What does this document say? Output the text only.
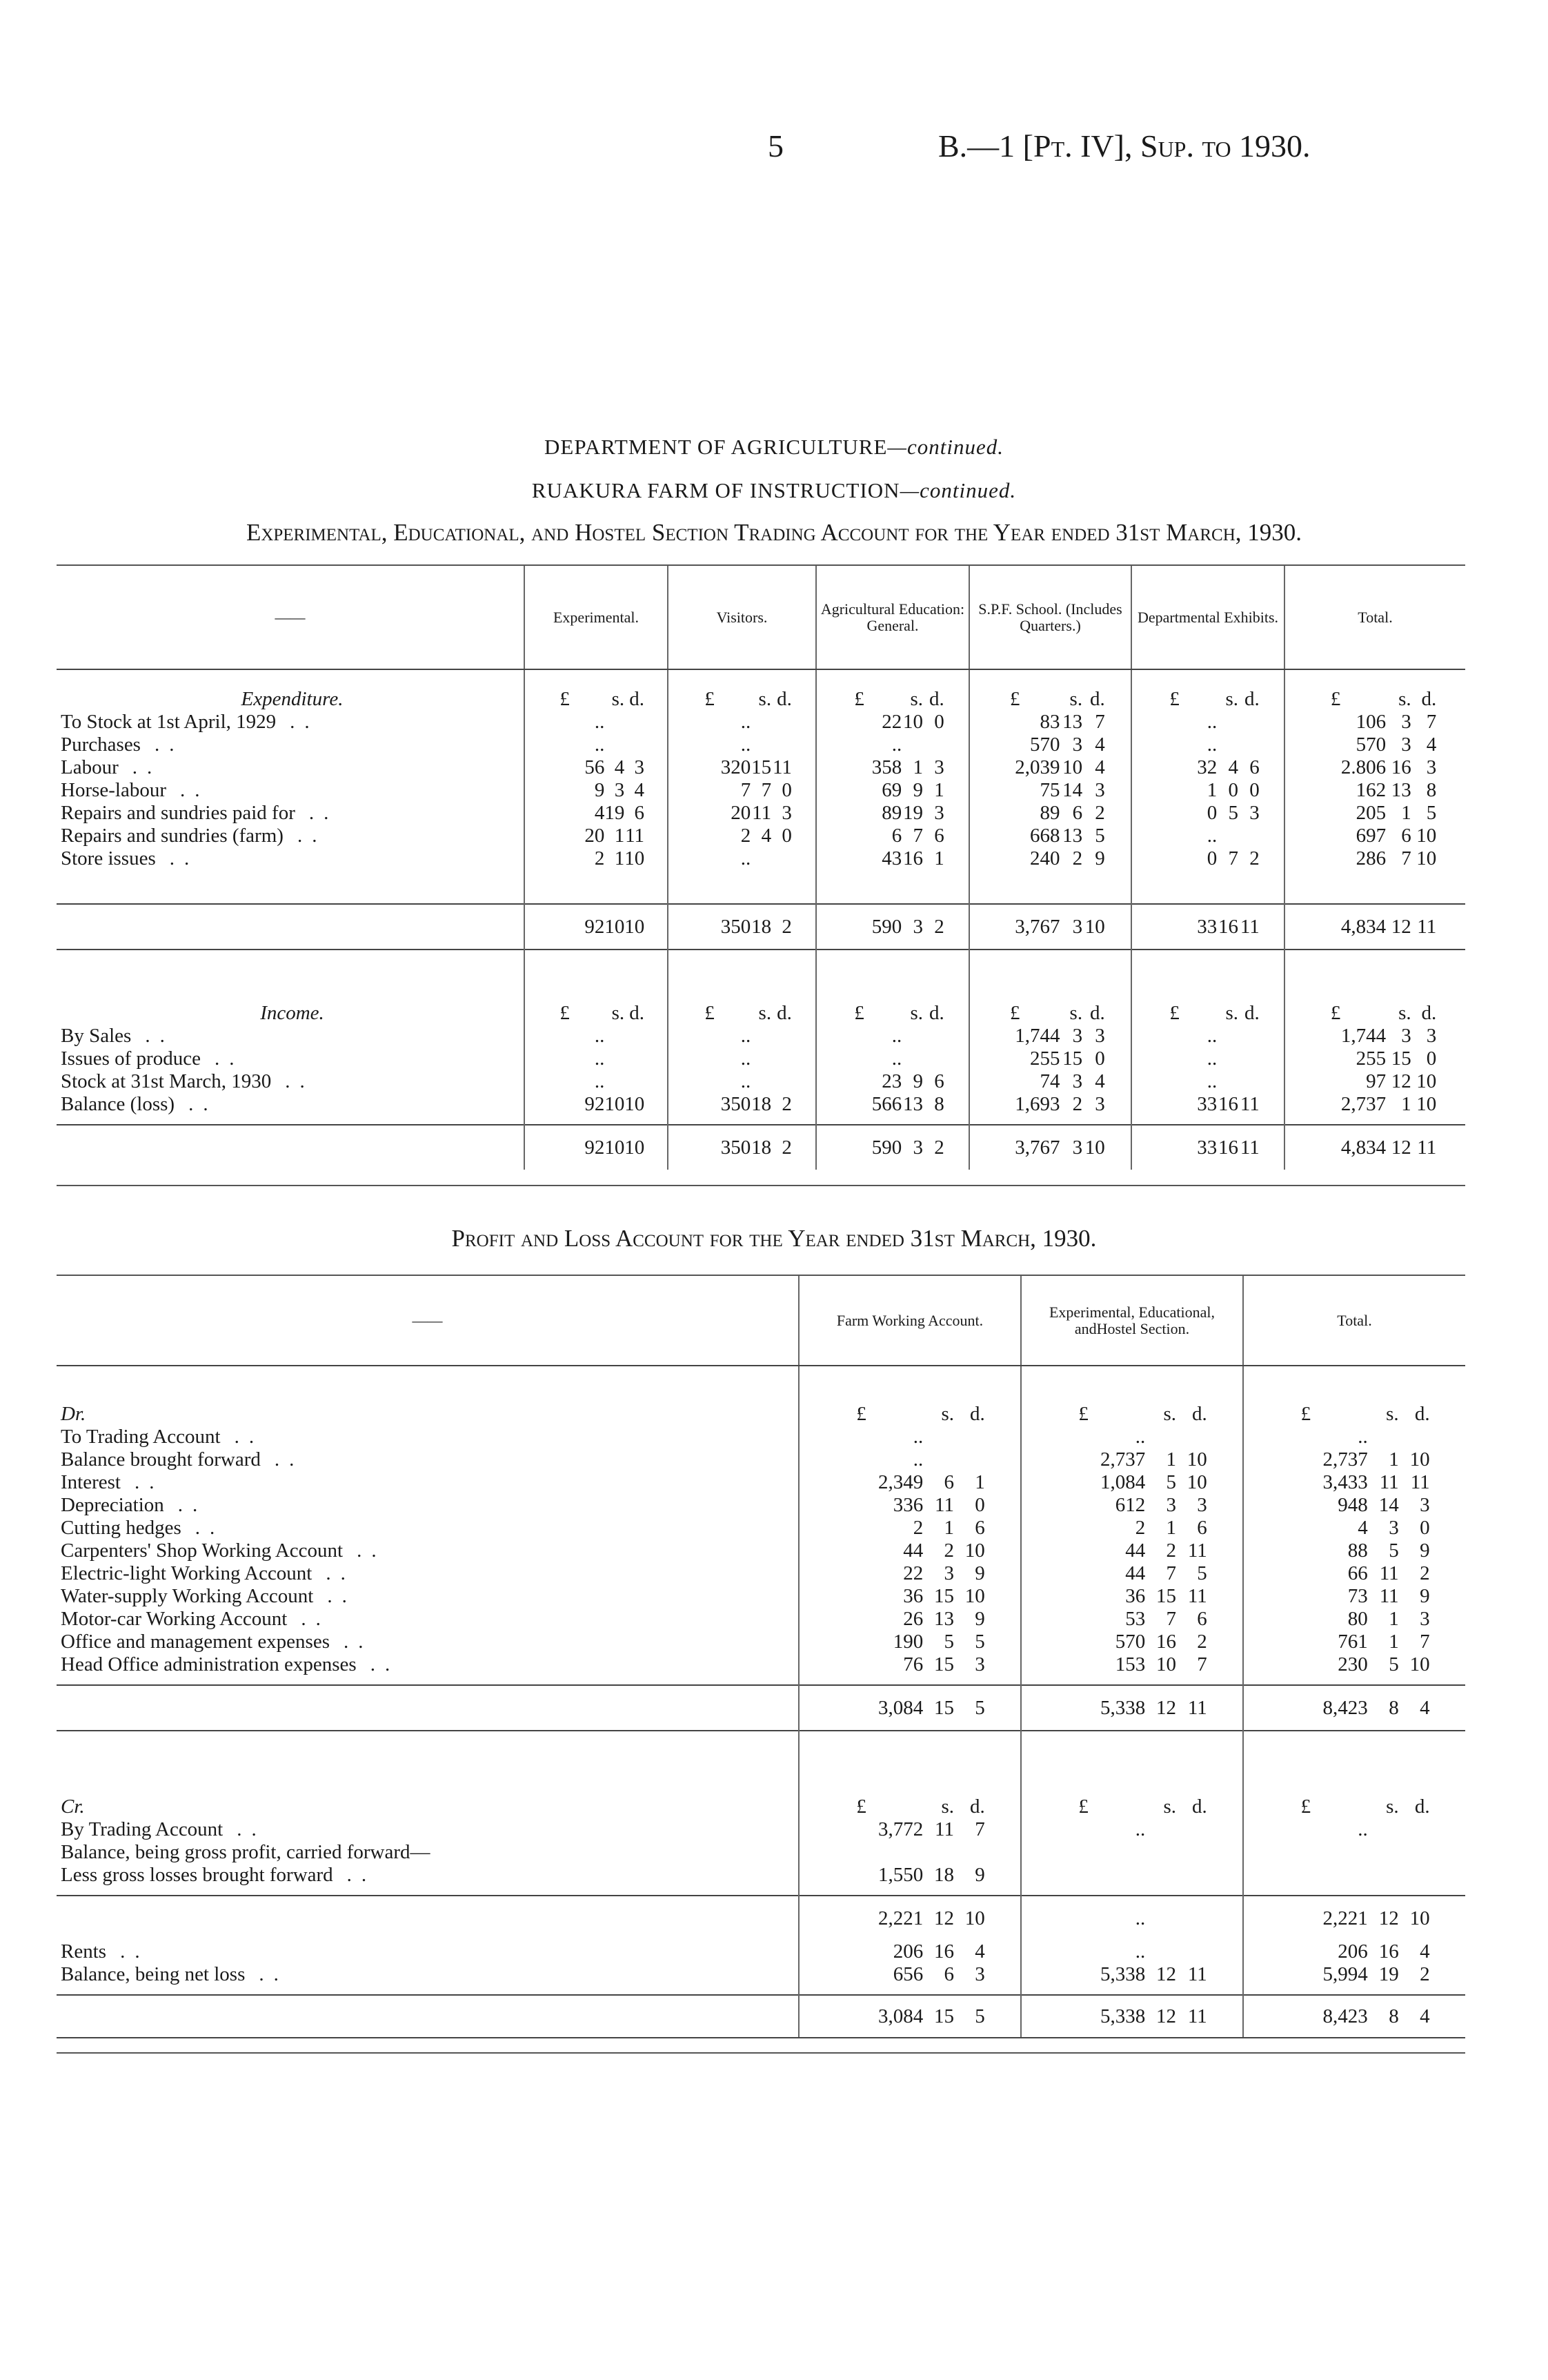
5	B.—1 [Pt. IV], Sup. to 1930.
DEPARTMENT OF AGRICULTURE—continued.
RUAKURA FARM OF INSTRUCTION—continued.
Experimental, Educational, and Hostel Section Trading Account for the Year ended 31st March, 1930.
——	Experimental.	Visitors.	Agricultural Education: General.	S.P.F. School. (Includes Quarters.)	Departmental Exhibits.	Total.
Expenditure.	£ s. d.	£ s. d.	£ s. d.	£ s. d.	£ s. d.	£ s. d.
To Stock at 1st April, 1929 ..	..	..	2210 0	83 13 7	..	106 3 7
Purchases ..	..	..	..	570 3 4	..	570 3 4
Labour ..	56 4 3	3201511	358 1 3	2,039 10 4	32 4 6	2.806 16 3
Horse-labour ..	9 3 4	7 7 0	69 9 1	75 14 3	1 0 0	162 13 8
Repairs and sundries paid for ..	419 6	2011 3	8919 3	89 6 2	0 5 3	205 1 5
Repairs and sundries (farm) ..	20 111	2 4 0	6 7 6	668 13 5	..	697 6 10
Store issues ..	2 110	..	4316 1	240 2 9	0 7 2	286 7 10

	921010	35018 2	590 3 2	3,767 3 10	331611	4,834 12 11

Income.	£ s. d.	£ s. d.	£ s. d.	£ s. d.	£ s. d.	£ s. d.
By Sales ..	..	..	..	1,744 3 3	..	1,744 3 3
Issues of produce ..	..	..	..	255 15 0	..	255 15 0
Stock at 31st March, 1930 ..	..	..	23 9 6	74 3 4	..	97 12 10
Balance (loss) ..	921010	35018 2	56613 8	1,693 2 3	331611	2,737 1 10

	921010	35018 2	590 3 2	3,767 3 10	331611	4,834 12 11
Profit and Loss Account for the Year ended 31st March, 1930.
——	Farm Working Account.	Experimental, Educational, andHostel Section.	Total.

Dr.	£ s. d.	£ s. d.	£ s. d.
To Trading Account ..	..	..	..
Balance brought forward ..	..	2,737 1 10	2,737 1 10
Interest ..	2,349 6 1	1,084 5 10	3,433 11 11
Depreciation ..	336 11 0	612 3 3	948 14 3
Cutting hedges ..	2 1 6	2 1 6	4 3 0
Carpenters' Shop Working Account ..	44 2 10	44 2 11	88 5 9
Electric-light Working Account ..	22 3 9	44 7 5	66 11 2
Water-supply Working Account ..	36 15 10	36 15 11	73 11 9
Motor-car Working Account ..	26 13 9	53 7 6	80 1 3
Office and management expenses ..	190 5 5	570 16 2	761 1 7
Head Office administration expenses ..	76 15 3	153 10 7	230 5 10

	3,084 15 5	5,338 12 11	8,423 8 4

Cr.	£ s. d.	£ s. d.	£ s. d.
By Trading Account ..	3,772 11 7	..	..
Balance, being gross profit, carried forward—			
Less gross losses brought forward ..	1,550 18 9		

	2,221 12 10	..	2,221 12 10
Rents ..	206 16 4	..	206 16 4
Balance, being net loss ..	656 6 3	5,338 12 11	5,994 19 2

	3,084 15 5	5,338 12 11	8,423 8 4
